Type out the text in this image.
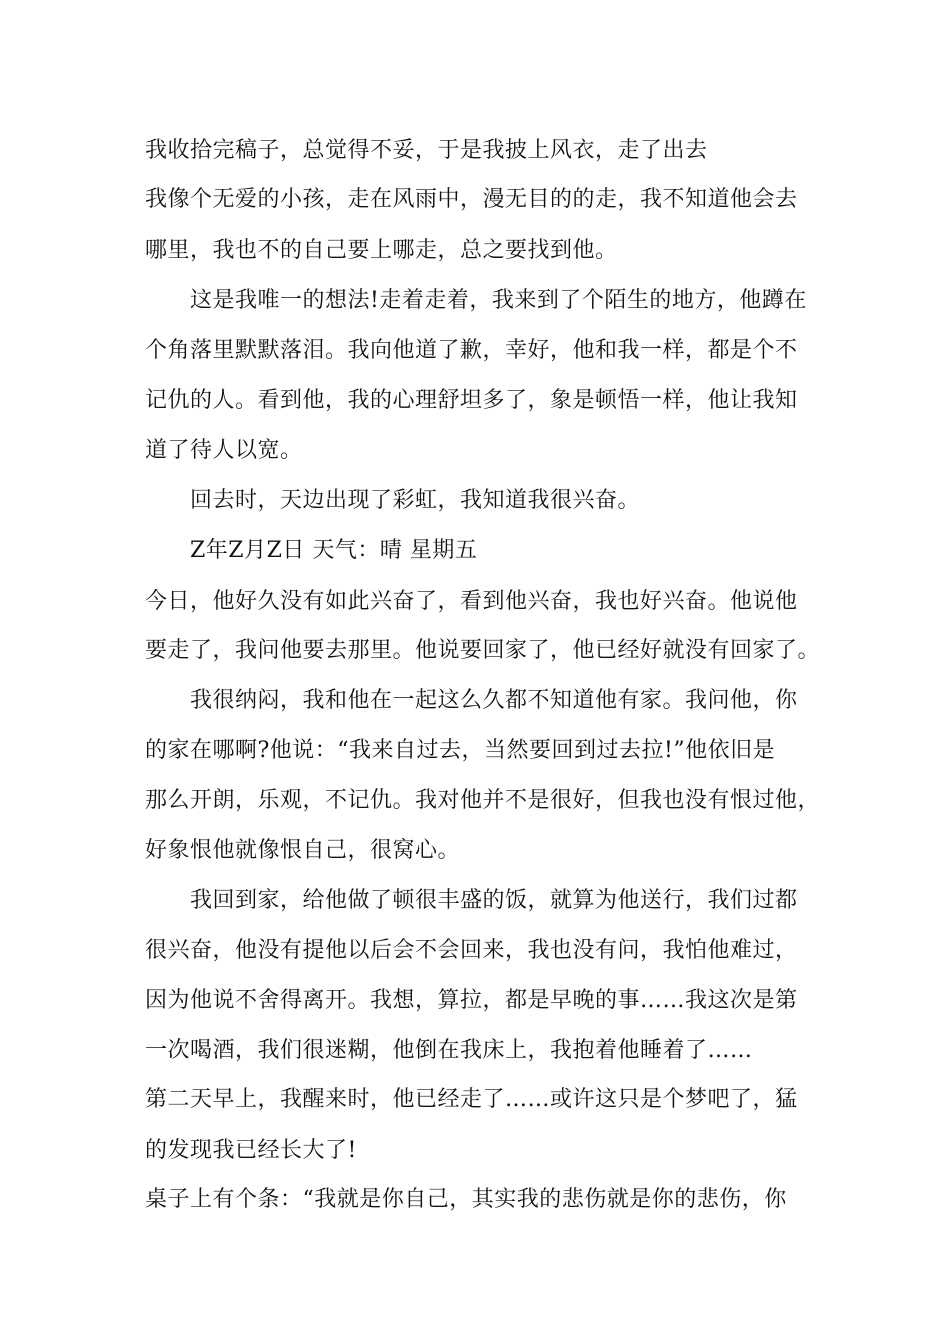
我收拾完稿子，总觉得不妥，于是我披上风衣，走了出去
我像个无爱的小孩，走在风雨中，漫无目的的走，我不知道他会去
哪里，我也不的自己要上哪走，总之要找到他。
这是我唯一的想法!走着走着，我来到了个陌生的地方，他蹲在
个角落里默默落泪。我向他道了歉，幸好，他和我一样，都是个不
记仇的人。看到他，我的心理舒坦多了，象是顿悟一样，他让我知
道了待人以宽。
回去时，天边出现了彩虹，我知道我很兴奋。
Z年Z月Z日 天气：晴 星期五
今日，他好久没有如此兴奋了，看到他兴奋，我也好兴奋。他说他
要走了，我问他要去那里。他说要回家了，他已经好就没有回家了。
我很纳闷，我和他在一起这么久都不知道他有家。我问他，你
的家在哪啊?他说：“我来自过去，当然要回到过去拉!”他依旧是
那么开朗，乐观，不记仇。我对他并不是很好，但我也没有恨过他，
好象恨他就像恨自己，很窝心。
我回到家，给他做了顿很丰盛的饭，就算为他送行，我们过都
很兴奋，他没有提他以后会不会回来，我也没有问，我怕他难过，
因为他说不舍得离开。我想，算拉，都是早晚的事……我这次是第
一次喝酒，我们很迷糊，他倒在我床上，我抱着他睡着了……
第二天早上，我醒来时，他已经走了……或许这只是个梦吧了，猛
的发现我已经长大了!
桌子上有个条：“我就是你自己，其实我的悲伤就是你的悲伤，你
